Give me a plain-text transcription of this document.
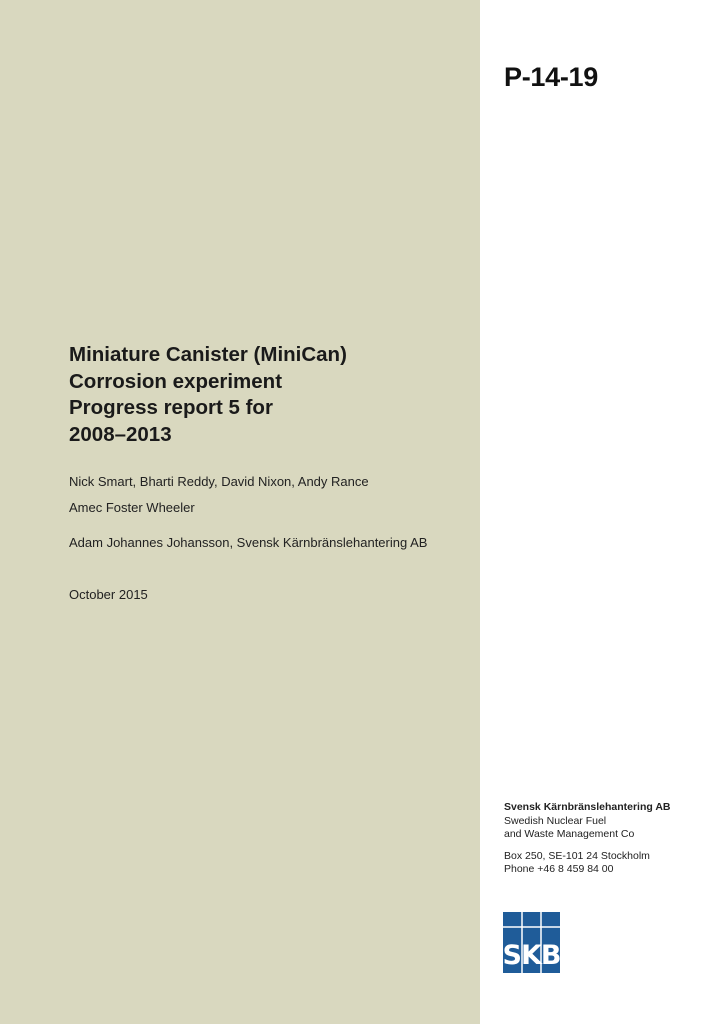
P-14-19
Miniature Canister (MiniCan)
Corrosion experiment
Progress report 5 for
2008–2013
Nick Smart, Bharti Reddy, David Nixon, Andy Rance
Amec Foster Wheeler
Adam Johannes Johansson, Svensk Kärnbränslehantering AB
October 2015
Svensk Kärnbränslehantering AB
Swedish Nuclear Fuel
and Waste Management Co
Box 250, SE-101 24 Stockholm
Phone +46 8 459 84 00
SKB
